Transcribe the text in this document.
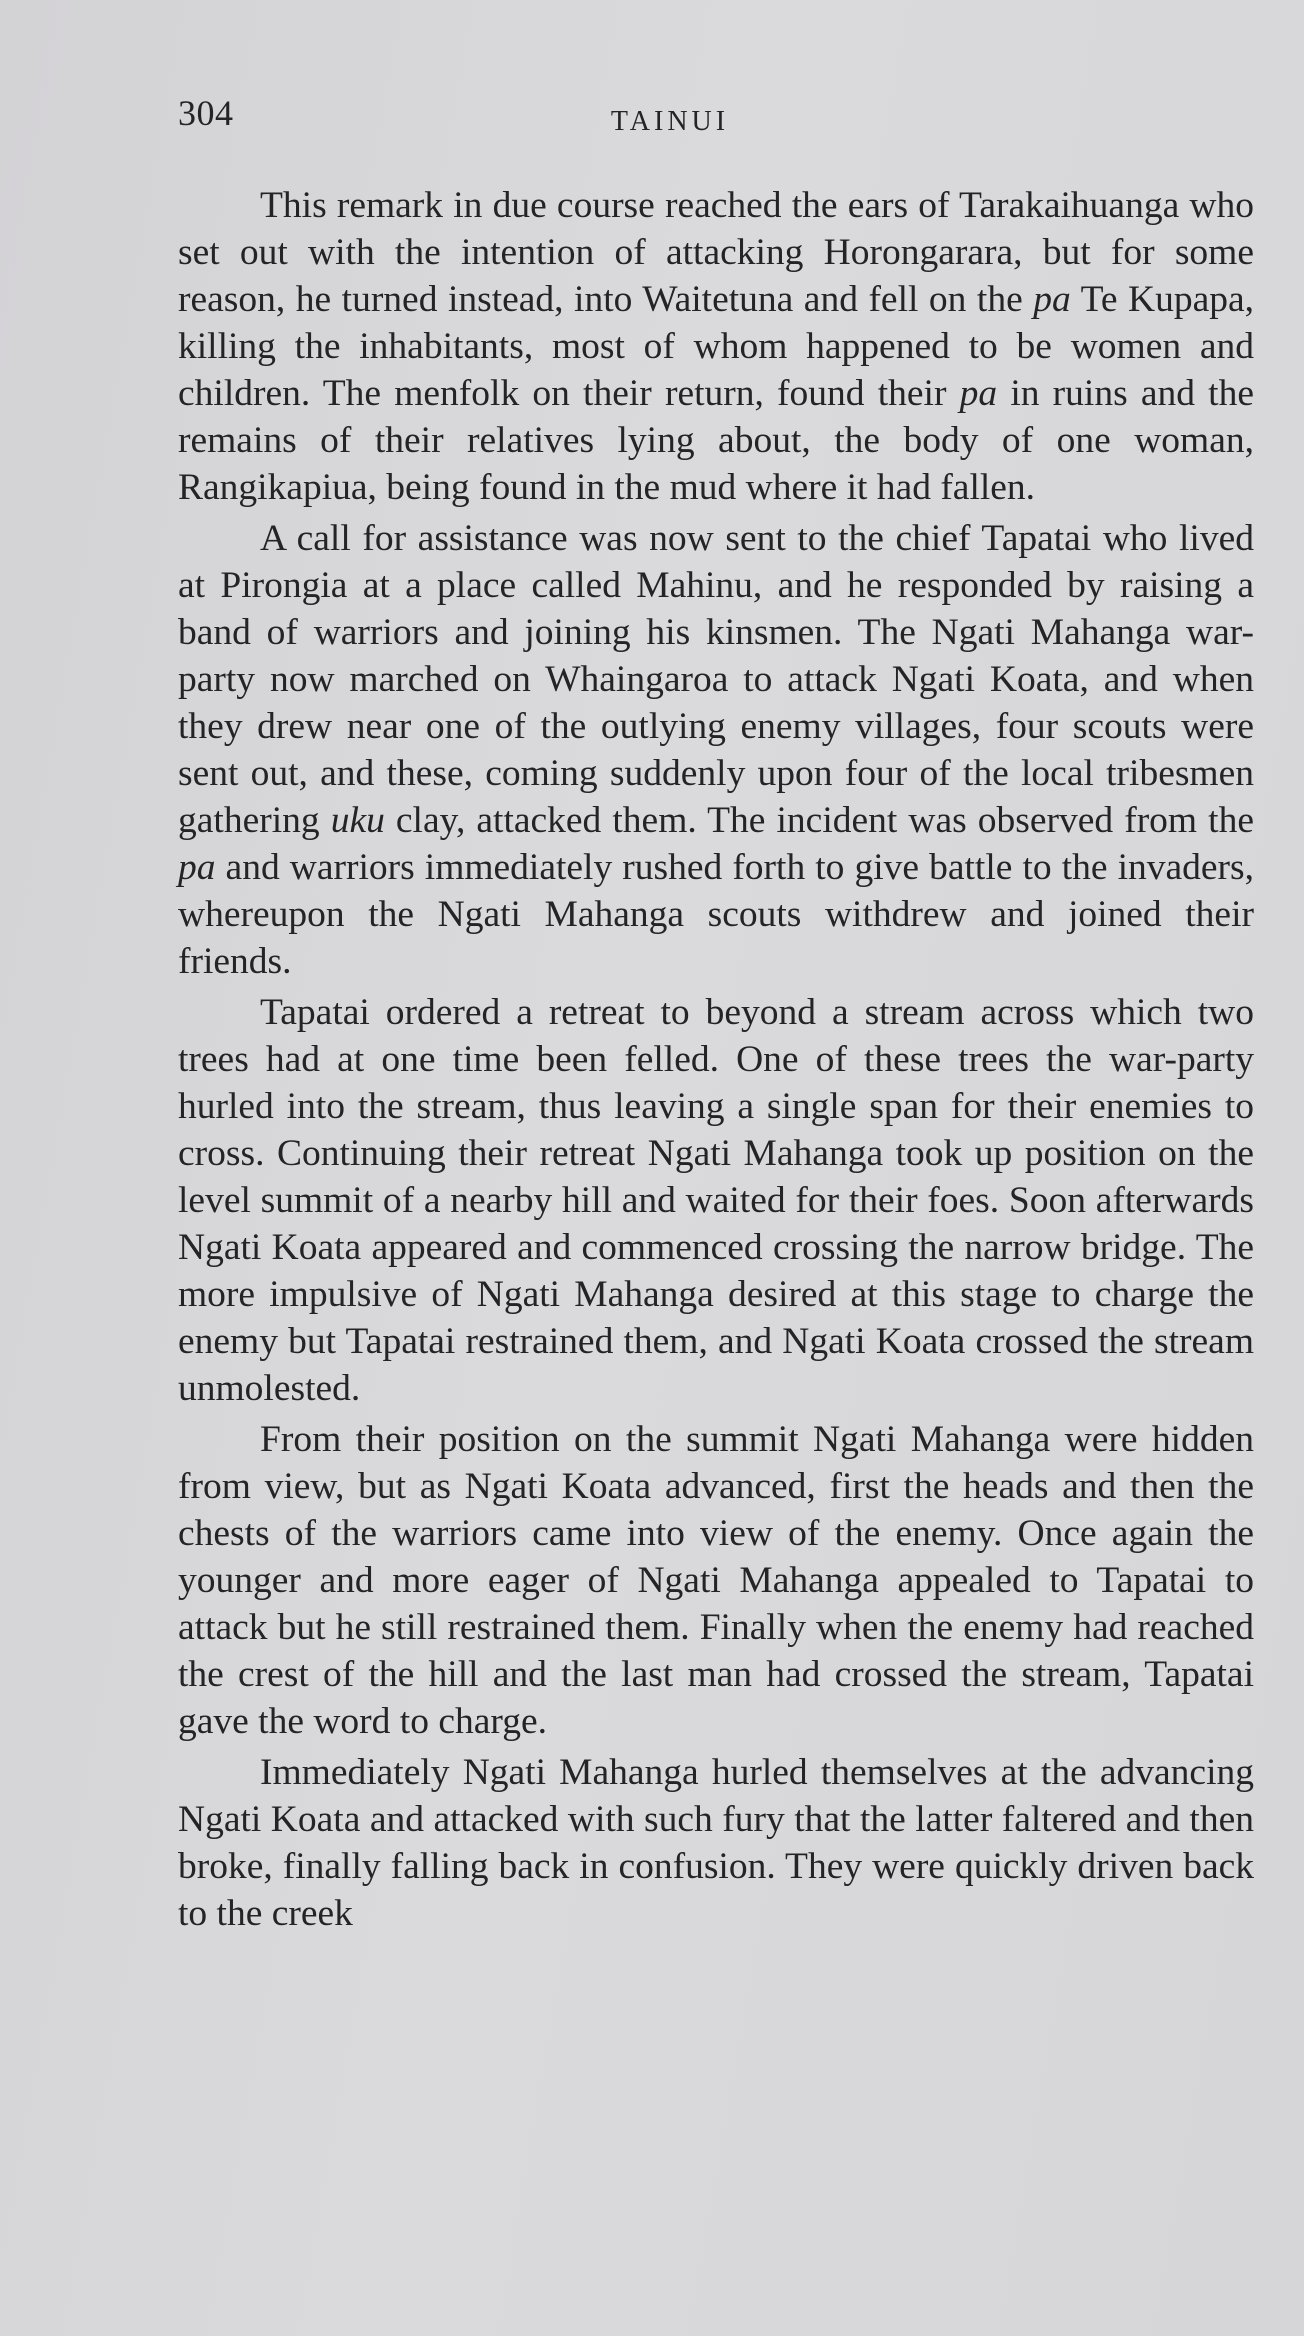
304	TAINUI

This remark in due course reached the ears of Tarakaihuanga who set out with the intention of attacking Horongarara, but for some reason, he turned instead, into Waitetuna and fell on the pa Te Kupapa, killing the inhabitants, most of whom happened to be women and children. The menfolk on their return, found their pa in ruins and the remains of their relatives lying about, the body of one woman, Rangikapiua, being found in the mud where it had fallen.

A call for assistance was now sent to the chief Tapatai who lived at Pirongia at a place called Mahinu, and he responded by raising a band of warriors and joining his kinsmen. The Ngati Mahanga war-party now marched on Whaingaroa to attack Ngati Koata, and when they drew near one of the outlying enemy villages, four scouts were sent out, and these, coming suddenly upon four of the local tribesmen gathering uku clay, attacked them. The incident was observed from the pa and warriors immediately rushed forth to give battle to the invaders, whereupon the Ngati Mahanga scouts withdrew and joined their friends.

Tapatai ordered a retreat to beyond a stream across which two trees had at one time been felled. One of these trees the war-party hurled into the stream, thus leaving a single span for their enemies to cross. Continuing their retreat Ngati Mahanga took up position on the level summit of a nearby hill and waited for their foes. Soon afterwards Ngati Koata appeared and commenced crossing the narrow bridge. The more impulsive of Ngati Mahanga desired at this stage to charge the enemy but Tapatai restrained them, and Ngati Koata crossed the stream unmolested.

From their position on the summit Ngati Mahanga were hidden from view, but as Ngati Koata advanced, first the heads and then the chests of the warriors came into view of the enemy. Once again the younger and more eager of Ngati Mahanga appealed to Tapatai to attack but he still restrained them. Finally when the enemy had reached the crest of the hill and the last man had crossed the stream, Tapatai gave the word to charge.

Immediately Ngati Mahanga hurled themselves at the advancing Ngati Koata and attacked with such fury that the latter faltered and then broke, finally falling back in confusion. They were quickly driven back to the creek
